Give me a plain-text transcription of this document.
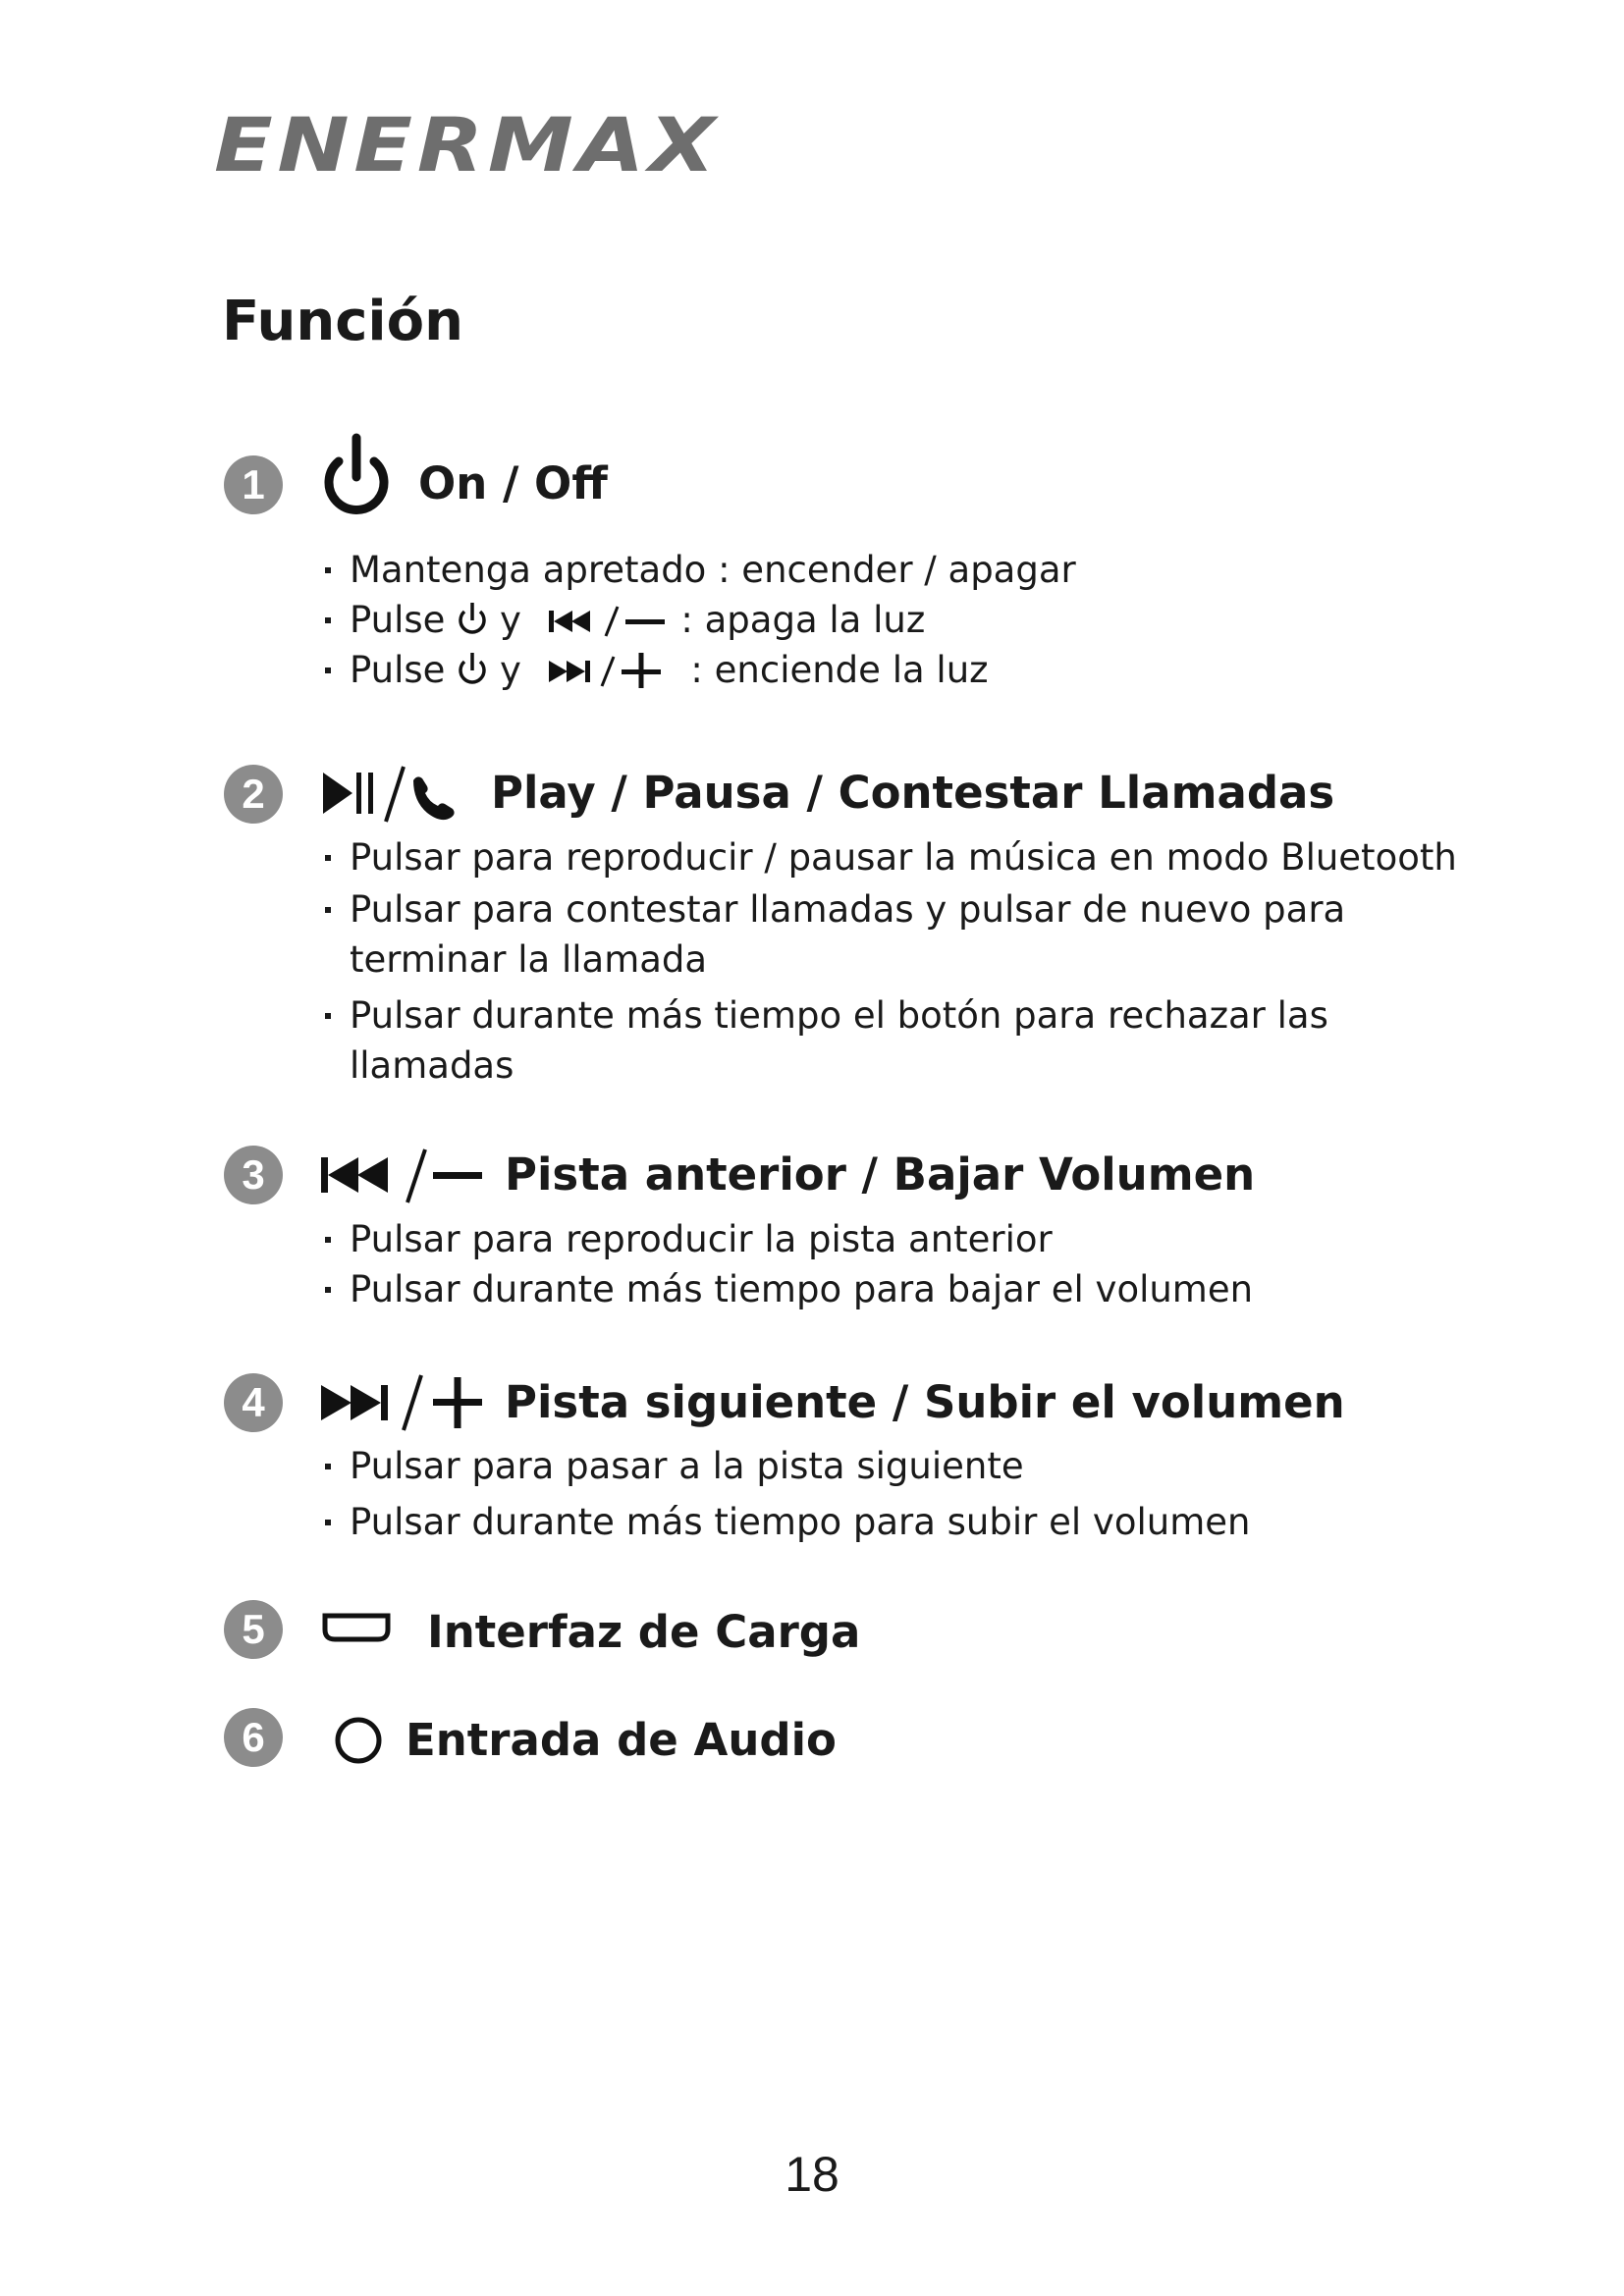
ENERMAX
Función
1	On / Off
Mantenga apretado : encender / apagar
Pulse y	: apaga la luz
Pulse y	: enciende la luz
2	Play / Pausa / Contestar Llamadas
Pulsar para reproducir / pausar la música en modo Bluetooth
Pulsar para contestar llamadas y pulsar de nuevo para terminar la llamada
Pulsar durante más tiempo el botón para rechazar las llamadas
3	Pista anterior / Bajar Volumen
Pulsar para reproducir la pista anterior
Pulsar durante más tiempo para bajar el volumen
4	Pista siguiente / Subir el volumen
Pulsar para pasar a la pista siguiente
Pulsar durante más tiempo para subir el volumen
5	Interfaz de Carga
6	Entrada de Audio
18
